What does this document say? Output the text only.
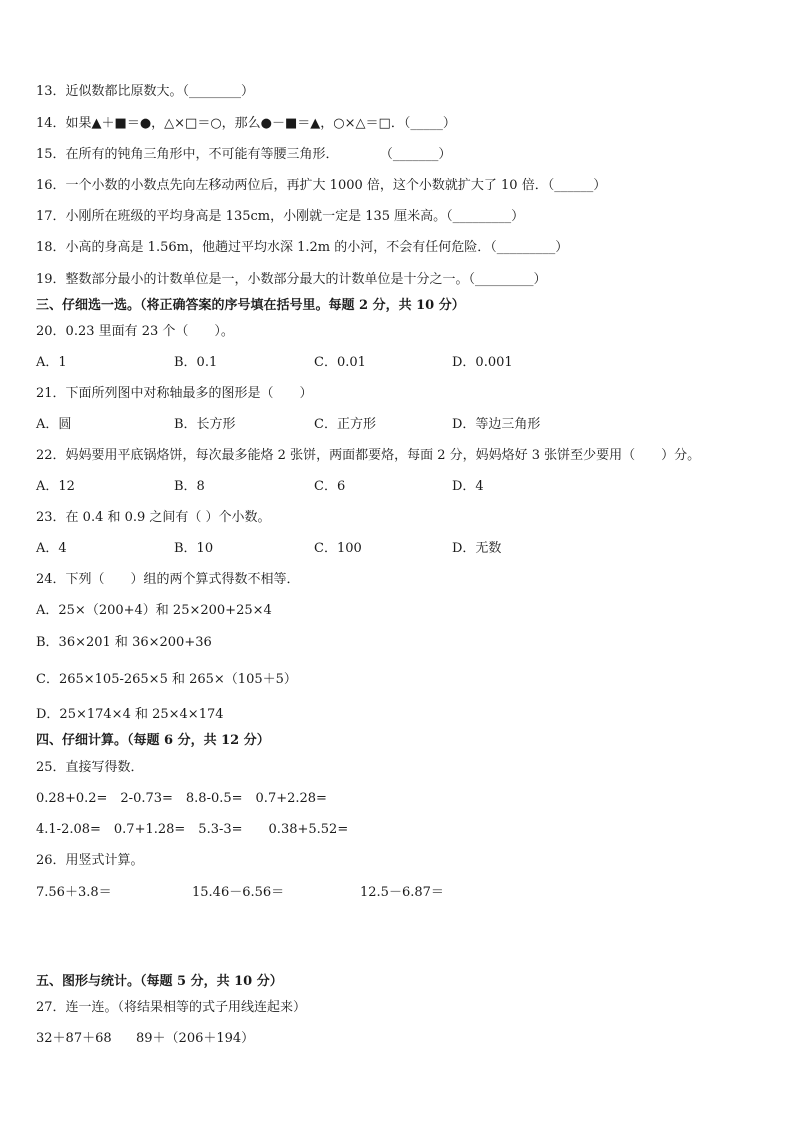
13．近似数都比原数大。（________）
14．如果▲＋■＝●，△×□＝○，那么●－■＝▲，○×△＝□．（_____）
15．在所有的钝角三角形中，不可能有等腰三角形．          （_______）
16．一个小数的小数点先向左移动两位后，再扩大 1000 倍，这个小数就扩大了 10 倍．（______）
17．小刚所在班级的平均身高是 135cm，小刚就一定是 135 厘米高。（_________）
18．小高的身高是 1.56m，他趟过平均水深 1.2m 的小河，不会有任何危险．（_________）
19．整数部分最小的计数单位是一，小数部分最大的计数单位是十分之一。（_________）
三、仔细选一选。（将正确答案的序号填在括号里。每题 2 分，共 10 分）
20．0.23 里面有 23 个（　　）。
A．1	B．0.1	C．0.01	D．0.001
21．下面所列图中对称轴最多的图形是（　　）
A．圆	B．长方形	C．正方形	D．等边三角形
22．妈妈要用平底锅烙饼，每次最多能烙 2 张饼，两面都要烙，每面 2 分，妈妈烙好 3 张饼至少要用（　　）分。
A．12	B．8	C．6	D．4
23．在 0.4 和 0.9 之间有（ ）个小数。
A．4	B．10	C．100	D．无数
24．下列（　　）组的两个算式得数不相等．
A．25×（200+4）和 25×200+25×4
B．36×201 和 36×200+36
C．265×105-265×5 和 265×（105＋5）
D．25×174×4 和 25×4×174
四、仔细计算。（每题 6 分，共 12 分）
25．直接写得数．
0.28+0.2=　2-0.73=　8.8-0.5=　0.7+2.28=
4.1-2.08=　0.7+1.28=　5.3-3=　　0.38+5.52=
26．用竖式计算。
7.56＋3.8＝	15.46－6.56＝	12.5－6.87＝
五、图形与统计。（每题 5 分，共 10 分）
27．连一连。（将结果相等的式子用线连起来）
32＋87＋68 89＋（206＋194）
